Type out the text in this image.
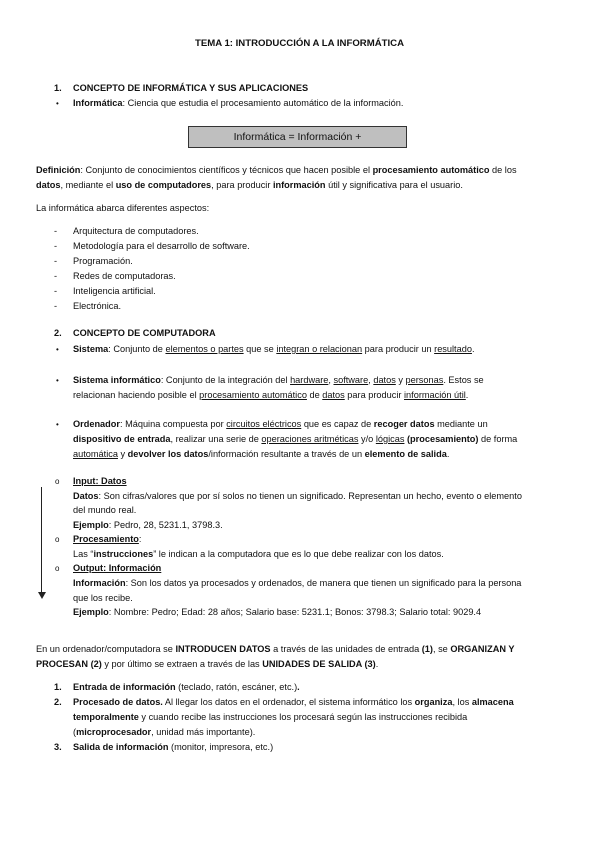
TEMA 1: INTRODUCCIÓN A LA INFORMÁTICA
1. CONCEPTO DE INFORMÁTICA Y SUS APLICACIONES
• Informática: Ciencia que estudia el procesamiento automático de la información.
Informática = Información +
Definición: Conjunto de conocimientos científicos y técnicos que hacen posible el procesamiento automático de los
datos, mediante el uso de computadores, para producir información útil y significativa para el usuario.
La informática abarca diferentes aspectos:
- Arquitectura de computadores.
- Metodología para el desarrollo de software.
- Programación.
- Redes de computadoras.
- Inteligencia artificial.
- Electrónica.
2. CONCEPTO DE COMPUTADORA
• Sistema: Conjunto de elementos o partes que se integran o relacionan para producir un resultado.
• Sistema informático: Conjunto de la integración del hardware, software, datos y personas. Estos se
relacionan haciendo posible el procesamiento automático de datos para producir información útil.
• Ordenador: Máquina compuesta por circuitos eléctricos que es capaz de recoger datos mediante un
dispositivo de entrada, realizar una serie de operaciones aritméticas y/o lógicas (procesamiento) de forma
automática y devolver los datos/información resultante a través de un elemento de salida.
o Input: Datos
Datos: Son cifras/valores que por sí solos no tienen un significado. Representan un hecho, evento o elemento
del mundo real.
Ejemplo: Pedro, 28, 5231.1, 3798.3.
o Procesamiento:
Las “instrucciones” le indican a la computadora que es lo que debe realizar con los datos.
o Output: Información
Información: Son los datos ya procesados y ordenados, de manera que tienen un significado para la persona
que los recibe.
Ejemplo: Nombre: Pedro; Edad: 28 años; Salario base: 5231.1; Bonos: 3798.3; Salario total: 9029.4
En un ordenador/computadora se INTRODUCEN DATOS a través de las unidades de entrada (1), se ORGANIZAN Y
PROCESAN (2) y por último se extraen a través de las UNIDADES DE SALIDA (3).
1. Entrada de información (teclado, ratón, escáner, etc.).
2. Procesado de datos. Al llegar los datos en el ordenador, el sistema informático los organiza, los almacena
temporalmente y cuando recibe las instrucciones los procesará según las instrucciones recibida
(microprocesador, unidad más importante).
3. Salida de información (monitor, impresora, etc.)
